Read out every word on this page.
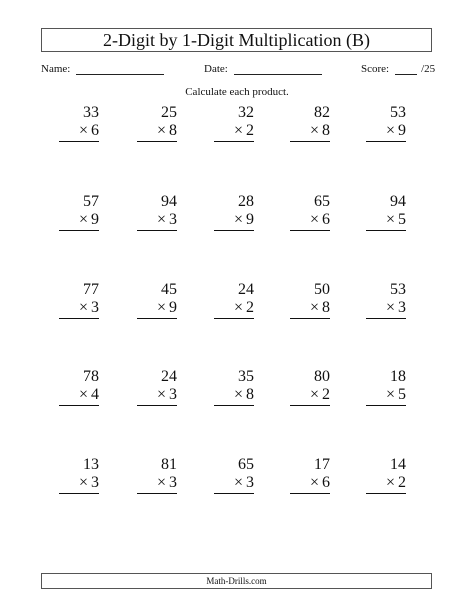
2-Digit by 1-Digit Multiplication (B)
Name:	Date:	Score:	/25
Calculate each product.
33
× 6
25
× 8
32
× 2
82
× 8
53
× 9
57
× 9
94
× 3
28
× 9
65
× 6
94
× 5
77
× 3
45
× 9
24
× 2
50
× 8
53
× 3
78
× 4
24
× 3
35
× 8
80
× 2
18
× 5
13
× 3
81
× 3
65
× 3
17
× 6
14
× 2
Math-Drills.com
